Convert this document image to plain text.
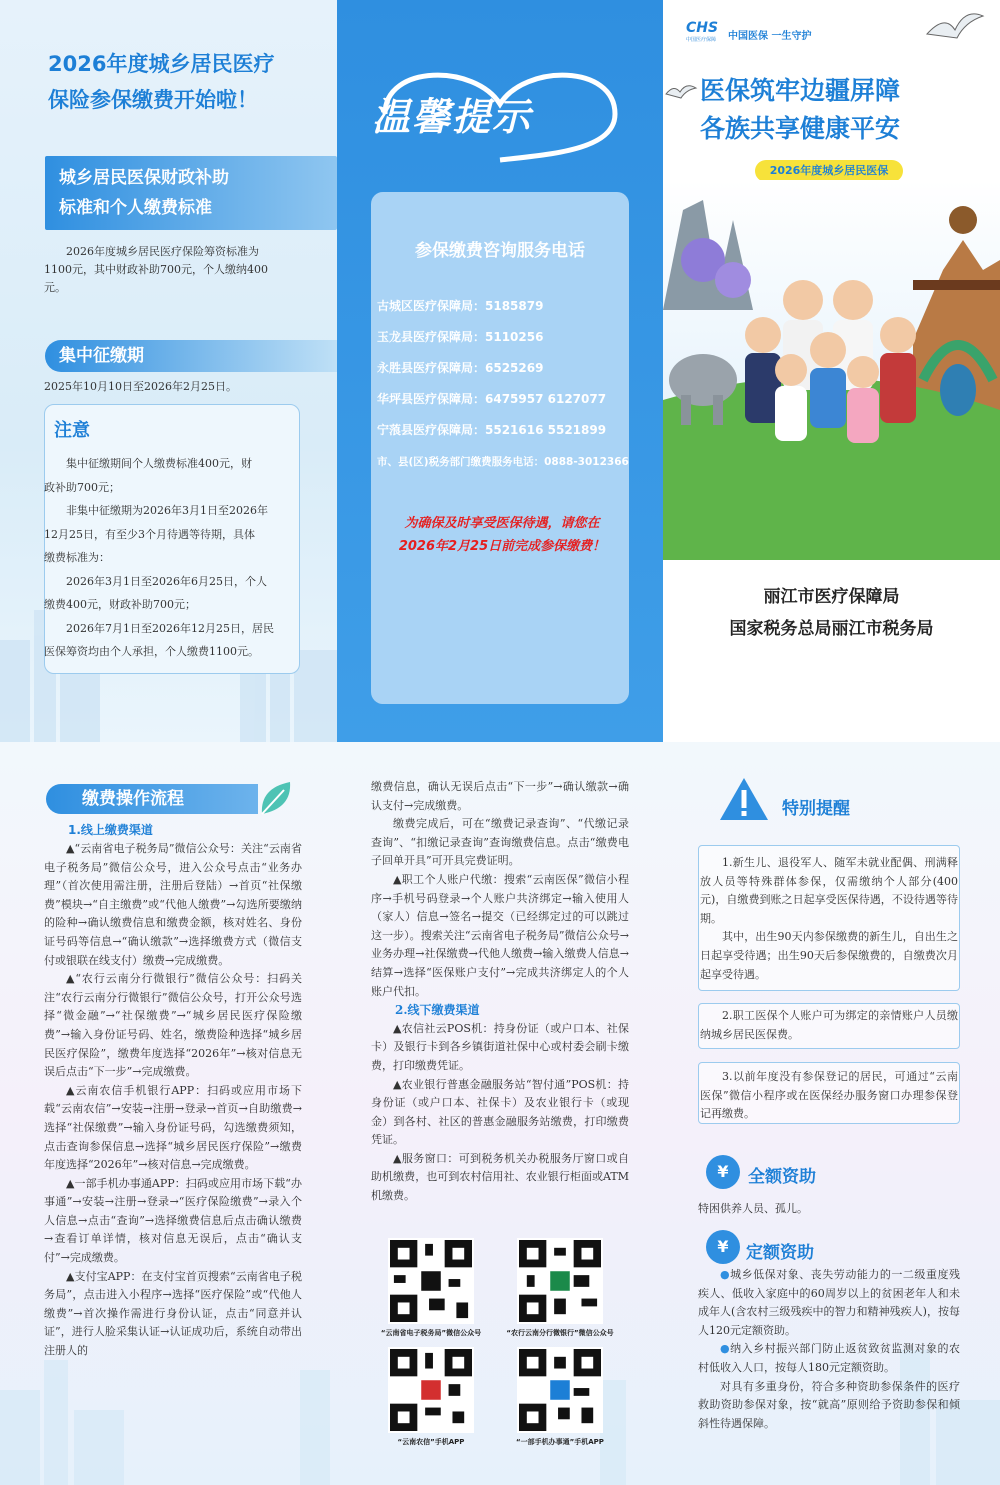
2026年度城乡居民医疗
保险参保缴费开始啦！
城乡居民医保财政补助
标准和个人缴费标准
2026年度城乡居民医疗保险筹资标准为
1100元，其中财政补助700元，个人缴纳400
元。
集中征缴期
2025年10月10日至2026年2月25日。
注意
集中征缴期间个人缴费标准400元，财
政补助700元；
非集中征缴期为2026年3月1日至2026年
12月25日，有至少3个月待遇等待期，具体
缴费标准为：
2026年3月1日至2026年6月25日，个人
缴费400元，财政补助700元；
2026年7月1日至2026年12月25日，居民
医保筹资均由个人承担，个人缴费1100元。
温馨提示
参保缴费咨询服务电话
古城区医疗保障局：5185879
玉龙县医疗保障局：5110256
永胜县医疗保障局：6525269
华坪县医疗保障局：6475957 6127077
宁蒗县医疗保障局：5521616 5521899
市、县(区)税务部门缴费服务电话：0888-3012366
为确保及时享受医保待遇，请您在
2026年2月25日前完成参保缴费！
CHS
中国医疗保障 中国医保 一生守护
医保筑牢边疆屏障
各族共享健康平安
2026年度城乡居民医保
丽江市医疗保障局
国家税务总局丽江市税务局
缴费操作流程
1.线上缴费渠道

▲“云南省电子税务局”微信公众号：关注“云南省电子税务局”微信公众号，进入公众号点击“业务办理”（首次使用需注册，注册后登陆）→首页“社保缴费”模块→“自主缴费”或“代他人缴费”→勾选所要缴纳的险种→确认缴费信息和缴费金额，核对姓名、身份证号码等信息→“确认缴款”→选择缴费方式（微信支付或银联在线支付）缴费→完成缴费。

▲“农行云南分行微银行”微信公众号：扫码关注“农行云南分行微银行”微信公众号，打开公众号选择“微金融”→“社保缴费”→“城乡居民医疗保险缴费”→输入身份证号码、姓名，缴费险种选择“城乡居民医疗保险”，缴费年度选择“2026年”→核对信息无误后点击“下一步”→完成缴费。

▲云南农信手机银行APP：扫码或应用市场下载“云南农信”→安装→注册→登录→首页→自助缴费→选择“社保缴费”→输入身份证号码，勾选缴费须知，点击查询参保信息→选择“城乡居民医疗保险”→缴费年度选择“2026年”→核对信息→完成缴费。

▲一部手机办事通APP：扫码或应用市场下载“办事通”→安装→注册→登录→“医疗保险缴费”→录入个人信息→点击“查询”→选择缴费信息后点击确认缴费→查看订单详情，核对信息无误后，点击“确认支付”→完成缴费。

▲支付宝APP：在支付宝首页搜索“云南省电子税务局”，点击进入小程序→选择“医疗保险”或“代他人缴费”→首次操作需进行身份认证，点击“同意并认证”，进行人脸采集认证→认证成功后，系统自动带出注册人的

缴费信息，确认无误后点击“下一步”→确认缴款→确认支付→完成缴费。

缴费完成后，可在“缴费记录查询”、“代缴记录查询”、“扣缴记录查询”查询缴费信息。点击“缴费电子回单开具”可开具完费证明。

▲职工个人账户代缴：搜索“云南医保”微信小程序→手机号码登录→个人账户共济绑定→输入使用人（家人）信息→签名→提交（已经绑定过的可以跳过这一步）。搜索关注“云南省电子税务局”微信公众号→业务办理→社保缴费→代他人缴费→输入缴费人信息→结算→选择“医保账户支付”→完成共济绑定人的个人账户代扣。

2.线下缴费渠道

▲农信社云POS机：持身份证（或户口本、社保卡）及银行卡到各乡镇街道社保中心或村委会刷卡缴费，打印缴费凭证。

▲农业银行普惠金融服务站“智付通”POS机：持身份证（或户口本、社保卡）及农业银行卡（或现金）到各村、社区的普惠金融服务站缴费，打印缴费凭证。

▲服务窗口：可到税务机关办税服务厅窗口或自助机缴费，也可到农村信用社、农业银行柜面或ATM机缴费。

“云南省电子税务局”微信公众号	“农行云南分行微银行”微信公众号
“云南农信”手机APP	“一部手机办事通”手机APP
特别提醒

1.新生儿、退役军人、随军未就业配偶、刑满释放人员等特殊群体参保，仅需缴纳个人部分(400元)，自缴费到账之日起享受医保待遇，不设待遇等待期。

其中，出生90天内参保缴费的新生儿，自出生之日起享受待遇；出生90天后参保缴费的，自缴费次月起享受待遇。

2.职工医保个人账户可为绑定的亲情账户人员缴纳城乡居民医保费。

3.以前年度没有参保登记的居民，可通过“云南医保”微信小程序或在医保经办服务窗口办理参保登记再缴费。

¥	全额资助
特困供养人员、孤儿。
¥	定额资助

●城乡低保对象、丧失劳动能力的一二级重度残疾人、低收入家庭中的60周岁以上的贫困老年人和未成年人(含农村三级残疾中的智力和精神残疾人)，按每人120元定额资助。

●纳入乡村振兴部门防止返贫致贫监测对象的农村低收入人口，按每人180元定额资助。

对具有多重身份，符合多种资助参保条件的医疗救助资助参保对象，按“就高”原则给予资助参保和倾斜性待遇保障。
